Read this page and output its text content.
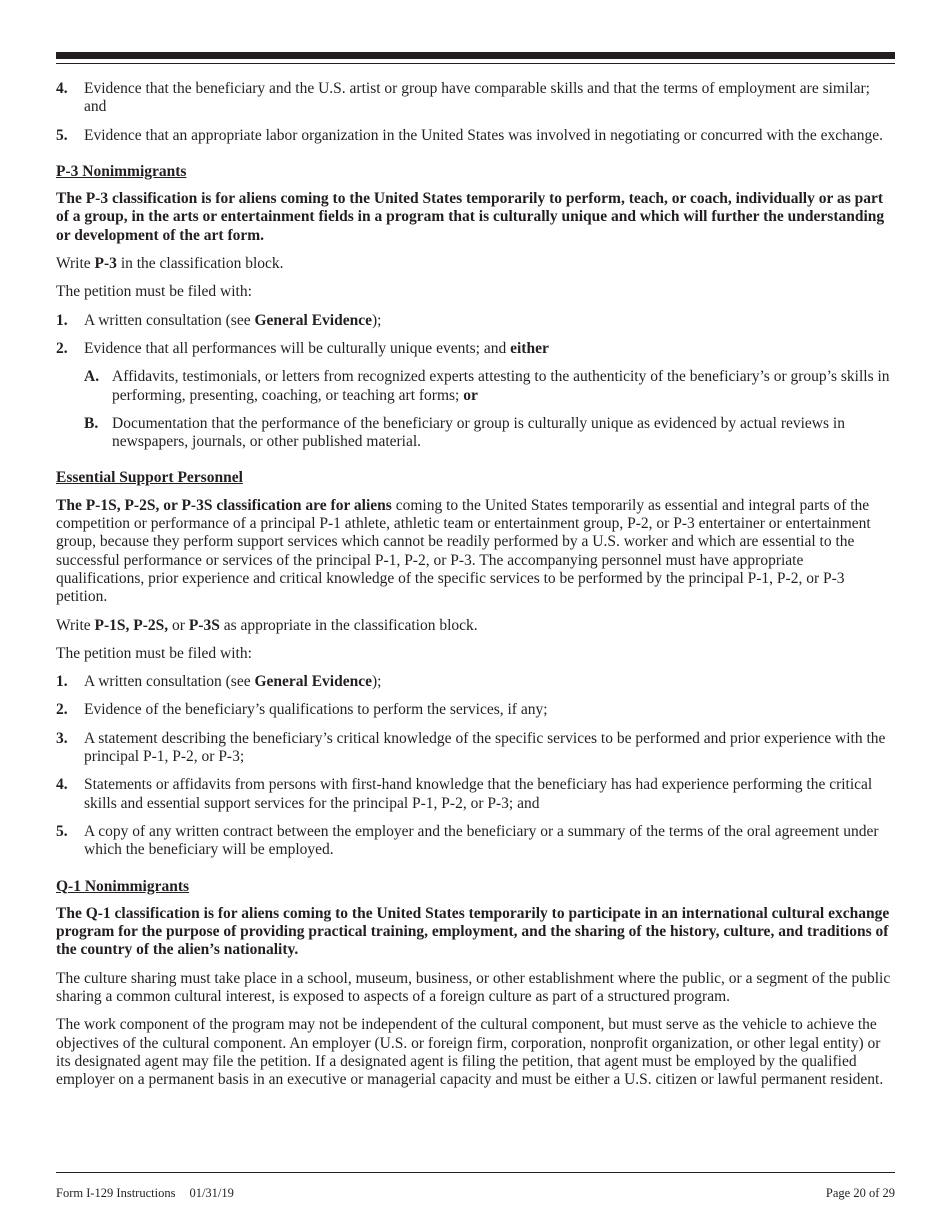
4.	Evidence that the beneficiary and the U.S. artist or group have comparable skills and that the terms of employment are similar; and
5.	Evidence that an appropriate labor organization in the United States was involved in negotiating or concurred with the exchange.
P-3 Nonimmigrants
The P-3 classification is for aliens coming to the United States temporarily to perform, teach, or coach, individually or as part of a group, in the arts or entertainment fields in a program that is culturally unique and which will further the understanding or development of the art form.

Write P-3 in the classification block.

The petition must be filed with:

1.	A written consultation (see General Evidence);
2.	Evidence that all performances will be culturally unique events; and either
A. Affidavits, testimonials, or letters from recognized experts attesting to the authenticity of the beneficiary’s or group’s skills in performing, presenting, coaching, or teaching art forms; or
B. Documentation that the performance of the beneficiary or group is culturally unique as evidenced by actual reviews in newspapers, journals, or other published material.
Essential Support Personnel

The P-1S, P-2S, or P-3S classification are for aliens coming to the United States temporarily as essential and integral parts of the competition or performance of a principal P-1 athlete, athletic team or entertainment group, P-2, or P-3 entertainer or entertainment group, because they perform support services which cannot be readily performed by a U.S. worker and which are essential to the successful performance or services of the principal P-1, P-2, or P-3. The accompanying personnel must have appropriate qualifications, prior experience and critical knowledge of the specific services to be performed by the principal P-1, P-2, or P-3 petition.

Write P-1S, P-2S, or P-3S as appropriate in the classification block.

The petition must be filed with:

1.	A written consultation (see General Evidence);
2.	Evidence of the beneficiary’s qualifications to perform the services, if any;
3.	A statement describing the beneficiary’s critical knowledge of the specific services to be performed and prior experience with the principal P-1, P-2, or P-3;
4.	Statements or affidavits from persons with first-hand knowledge that the beneficiary has had experience performing the critical skills and essential support services for the principal P-1, P-2, or P-3; and
5.	A copy of any written contract between the employer and the beneficiary or a summary of the terms of the oral agreement under which the beneficiary will be employed.
Q-1 Nonimmigrants
The Q-1 classification is for aliens coming to the United States temporarily to participate in an international cultural exchange program for the purpose of providing practical training, employment, and the sharing of the history, culture, and traditions of the country of the alien’s nationality.

The culture sharing must take place in a school, museum, business, or other establishment where the public, or a segment of the public sharing a common cultural interest, is exposed to aspects of a foreign culture as part of a structured program.

The work component of the program may not be independent of the cultural component, but must serve as the vehicle to achieve the objectives of the cultural component. An employer (U.S. or foreign firm, corporation, nonprofit organization, or other legal entity) or its designated agent may file the petition. If a designated agent is filing the petition, that agent must be employed by the qualified employer on a permanent basis in an executive or managerial capacity and must be either a U.S. citizen or lawful permanent resident.

Form I-129 Instructions 01/31/19	Page 20 of 29
